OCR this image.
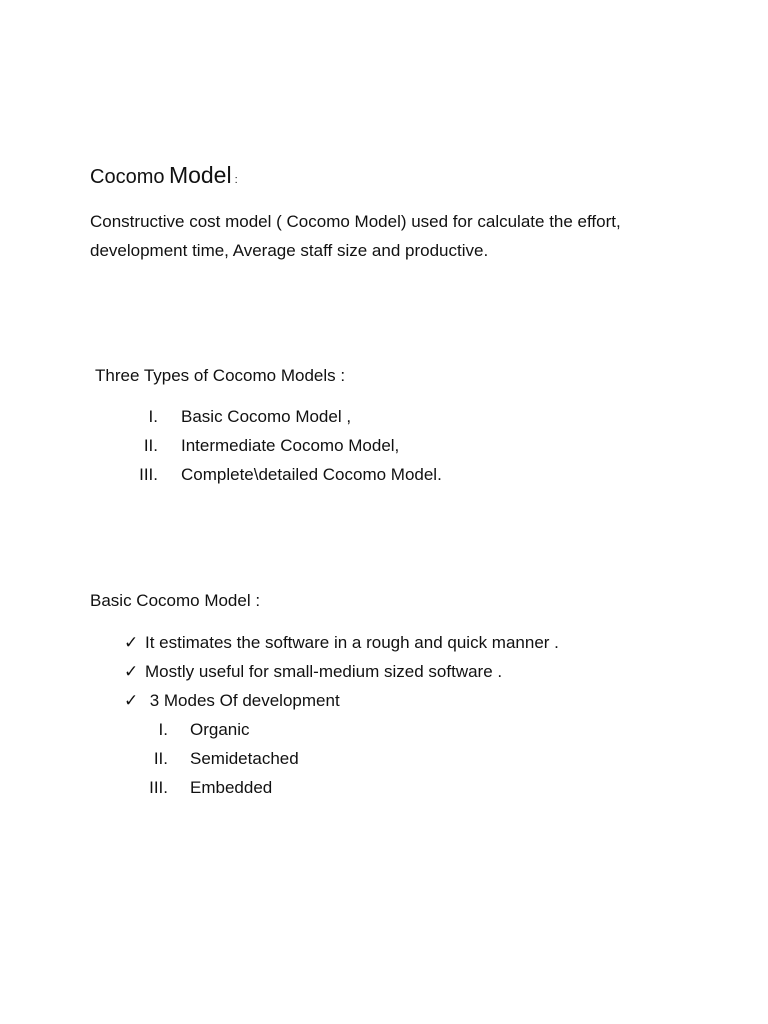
Cocomo Model :
Constructive cost model ( Cocomo Model) used for calculate the effort,
development time, Average staff size and productive.
Three Types of Cocomo Models :
I. Basic Cocomo Model ,
II. Intermediate Cocomo Model,
III. Complete\detailed Cocomo Model.
Basic Cocomo Model :
✓ It estimates the software in a rough and quick manner .
✓ Mostly useful for small-medium sized software .
✓ 3 Modes Of development
I. Organic
II. Semidetached
III. Embedded
